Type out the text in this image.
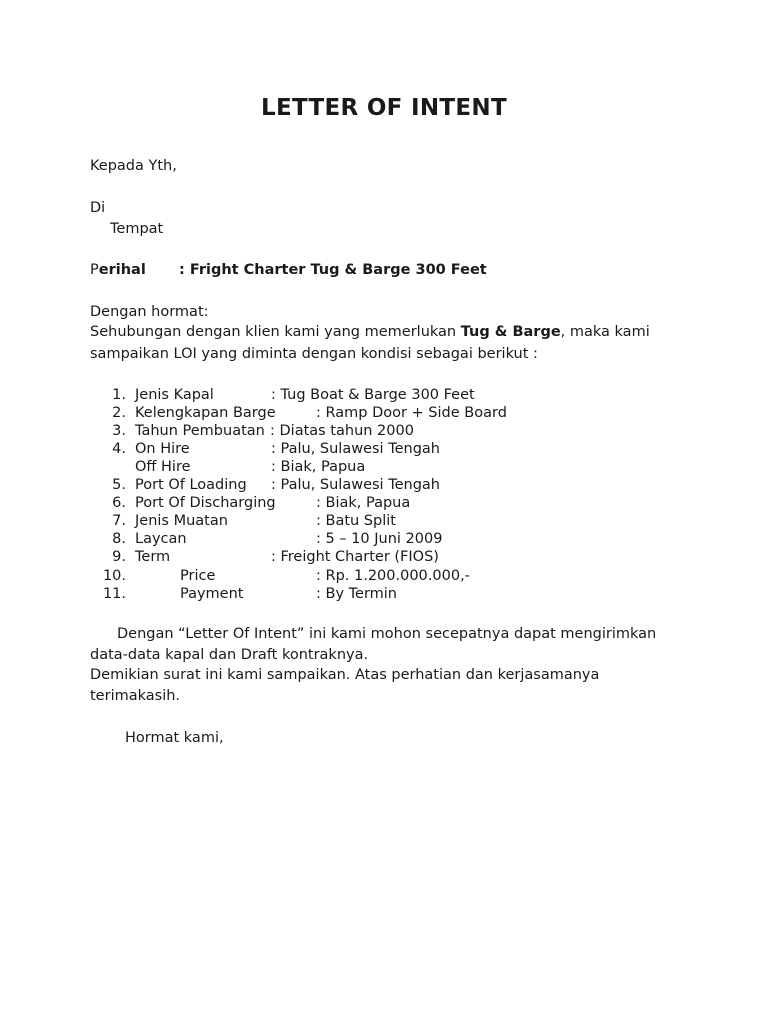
LETTER OF INTENT
Kepada Yth,
Di
Tempat
Perihal : Fright Charter Tug & Barge 300 Feet
Dengan hormat:
Sehubungan dengan klien kami yang memerlukan Tug & Barge, maka kami
sampaikan LOI yang diminta dengan kondisi sebagai berikut :
1. Jenis Kapal	: Tug Boat & Barge 300 Feet
2. Kelengkapan Barge	: Ramp Door + Side Board
3. Tahun Pembuatan : Diatas tahun 2000
4. On Hire	: Palu, Sulawesi Tengah
Off Hire	: Biak, Papua
5. Port Of Loading : Palu, Sulawesi Tengah
6. Port Of Discharging	: Biak, Papua
7. Jenis Muatan	: Batu Split
8. Laycan	: 5 – 10 Juni 2009
9. Term	: Freight Charter (FIOS)
10.	Price	: Rp. 1.200.000.000,-
11.	Payment	: By Termin
Dengan “Letter Of Intent” ini kami mohon secepatnya dapat mengirimkan
data-data kapal dan Draft kontraknya.
Demikian surat ini kami sampaikan. Atas perhatian dan kerjasamanya
terimakasih.
Hormat kami,
